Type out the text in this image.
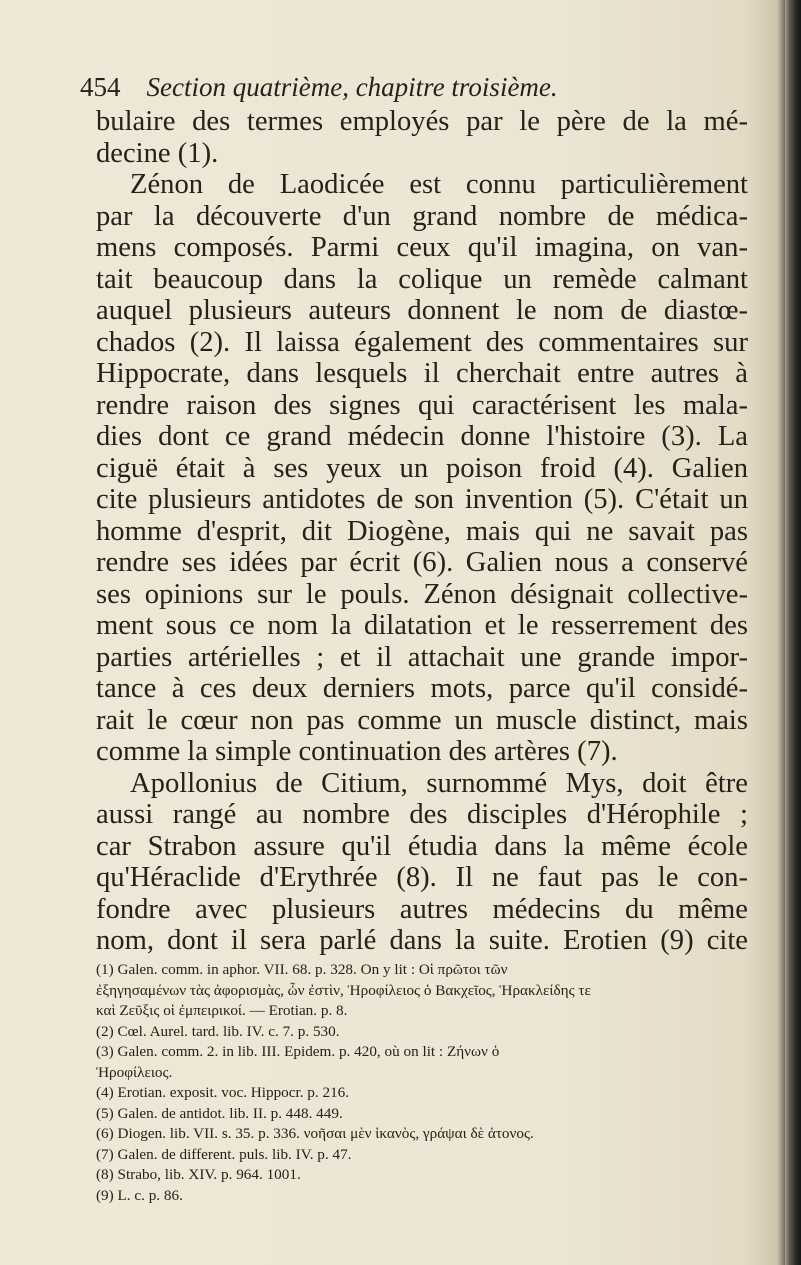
454 Section quatrième, chapitre troisième.
bulaire des termes employés par le père de la mé-
decine (1).
Zénon de Laodicée est connu particulièrement
par la découverte d'un grand nombre de médica-
mens composés. Parmi ceux qu'il imagina, on van-
tait beaucoup dans la colique un remède calmant
auquel plusieurs auteurs donnent le nom de diastœ-
chados (2). Il laissa également des commentaires sur
Hippocrate, dans lesquels il cherchait entre autres à
rendre raison des signes qui caractérisent les mala-
dies dont ce grand médecin donne l'histoire (3). La
ciguë était à ses yeux un poison froid (4). Galien
cite plusieurs antidotes de son invention (5). C'était un
homme d'esprit, dit Diogène, mais qui ne savait pas
rendre ses idées par écrit (6). Galien nous a conservé
ses opinions sur le pouls. Zénon désignait collective-
ment sous ce nom la dilatation et le resserrement des
parties artérielles ; et il attachait une grande impor-
tance à ces deux derniers mots, parce qu'il considé-
rait le cœur non pas comme un muscle distinct, mais
comme la simple continuation des artères (7).
Apollonius de Citium, surnommé Mys, doit être
aussi rangé au nombre des disciples d'Hérophile ;
car Strabon assure qu'il étudia dans la même école
qu'Héraclide d'Erythrée (8). Il ne faut pas le con-
fondre avec plusieurs autres médecins du même
nom, dont il sera parlé dans la suite. Erotien (9) cite
(1) Galen. comm. in aphor. VII. 68. p. 328. On y lit : Οἱ πρῶτοι τῶν
ἐξηγησαμένων τὰς ἀφορισμὰς, ὧν ἐστὶν, Ἡροφίλειος ὁ Βακχεῖος, Ἡρακλείδης τε
καὶ Ζεῦξις οἱ ἐμπειρικοί. — Erotian. p. 8.
(2) Cœl. Aurel. tard. lib. IV. c. 7. p. 530.
(3) Galen. comm. 2. in lib. III. Epidem. p. 420, où on lit : Ζήνων ὁ
Ἡροφίλειος.
(4) Erotian. exposit. voc. Hippocr. p. 216.
(5) Galen. de antidot. lib. II. p. 448. 449.
(6) Diogen. lib. VII. s. 35. p. 336. νοῆσαι μὲν ἱκανὸς, γράψαι δὲ ἀτονος.
(7) Galen. de different. puls. lib. IV. p. 47.
(8) Strabo, lib. XIV. p. 964. 1001.
(9) L. c. p. 86.
